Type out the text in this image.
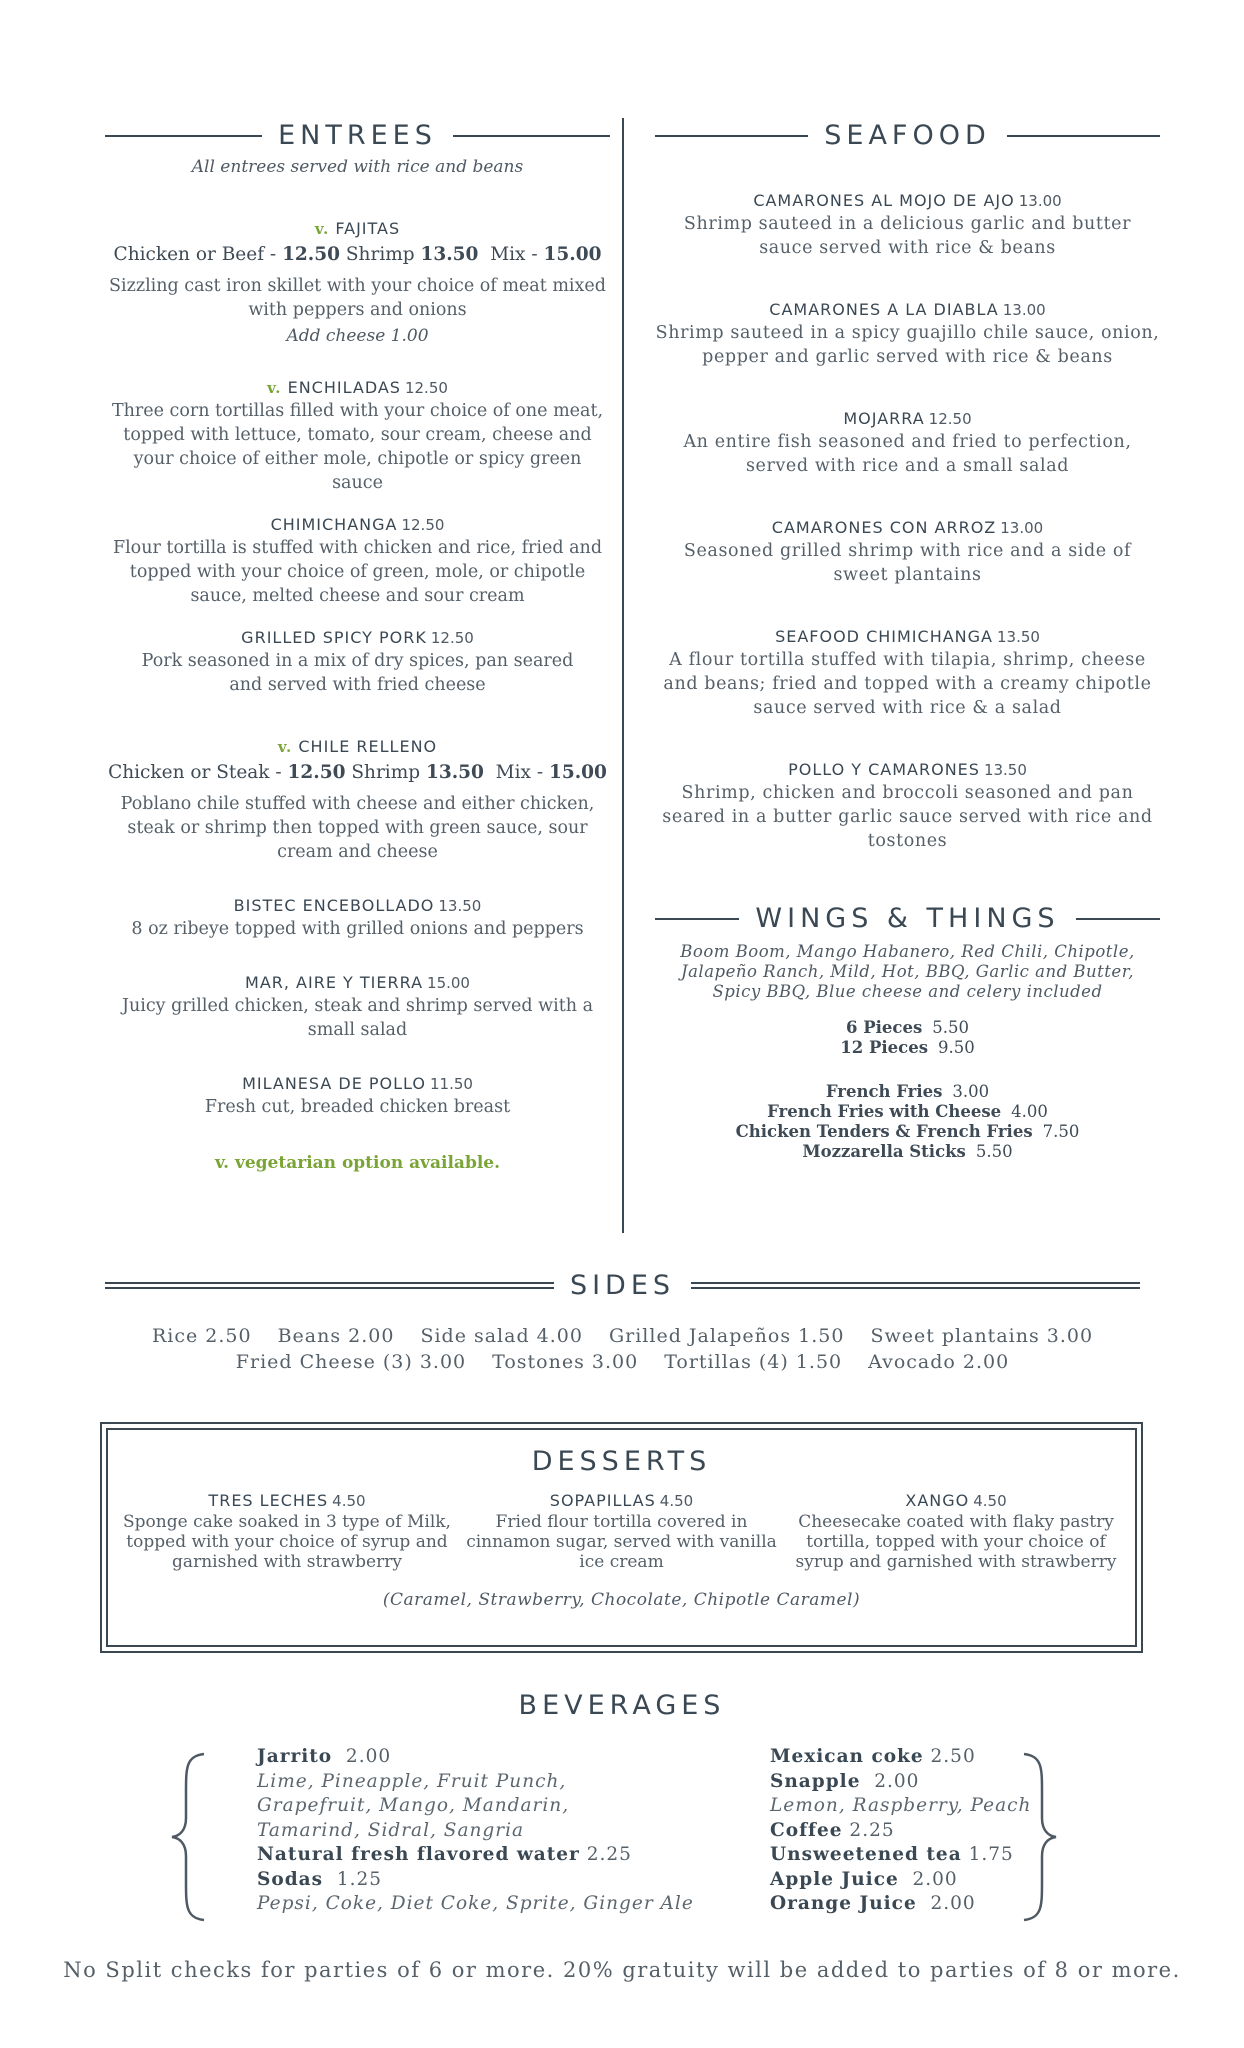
ENTREES
All entrees served with rice and beans
v. FAJITAS
Chicken or Beef - 12.50 Shrimp 13.50  Mix - 15.00
Sizzling cast iron skillet with your choice of meat mixed with peppers and onions
Add cheese 1.00
v. ENCHILADAS 12.50
Three corn tortillas filled with your choice of one meat, topped with lettuce, tomato, sour cream, cheese and your choice of either mole, chipotle or spicy green sauce
CHIMICHANGA 12.50
Flour tortilla is stuffed with chicken and rice, fried and topped with your choice of green, mole, or chipotle sauce, melted cheese and sour cream
GRILLED SPICY PORK 12.50
Pork seasoned in a mix of dry spices, pan seared and served with fried cheese
v. CHILE RELLENO
Chicken or Steak - 12.50 Shrimp 13.50  Mix - 15.00
Poblano chile stuffed with cheese and either chicken, steak or shrimp then topped with green sauce, sour cream and cheese
BISTEC ENCEBOLLADO 13.50
8 oz ribeye topped with grilled onions and peppers
MAR, AIRE Y TIERRA 15.00
Juicy grilled chicken, steak and shrimp served with a small salad
MILANESA DE POLLO 11.50
Fresh cut, breaded chicken breast
v. vegetarian option available.
SEAFOOD
CAMARONES AL MOJO DE AJO 13.00
Shrimp sauteed in a delicious garlic and butter sauce served with rice & beans
CAMARONES A LA DIABLA 13.00
Shrimp sauteed in a spicy guajillo chile sauce, onion, pepper and garlic served with rice & beans
MOJARRA 12.50
An entire fish seasoned and fried to perfection, served with rice and a small salad
CAMARONES CON ARROZ 13.00
Seasoned grilled shrimp with rice and a side of sweet plantains
SEAFOOD CHIMICHANGA 13.50
A flour tortilla stuffed with tilapia, shrimp, cheese and beans; fried and topped with a creamy chipotle sauce served with rice & a salad
POLLO Y CAMARONES 13.50
Shrimp, chicken and broccoli seasoned and pan seared in a butter garlic sauce served with rice and tostones
WINGS & THINGS
Boom Boom, Mango Habanero, Red Chili, Chipotle, Jalapeño Ranch, Mild, Hot, BBQ, Garlic and Butter, Spicy BBQ, Blue cheese and celery included
6 Pieces 5.50
12 Pieces 9.50
French Fries 3.00
French Fries with Cheese 4.00
Chicken Tenders & French Fries 7.50
Mozzarella Sticks 5.50
SIDES
Rice 2.50 Beans 2.00 Side salad 4.00 Grilled Jalapeños 1.50 Sweet plantains 3.00
Fried Cheese (3) 3.00 Tostones 3.00 Tortillas (4) 1.50 Avocado 2.00
DESSERTS
TRES LECHES 4.50
Sponge cake soaked in 3 type of Milk, topped with your choice of syrup and garnished with strawberry
SOPAPILLAS 4.50
Fried flour tortilla covered in cinnamon sugar, served with vanilla ice cream
XANGO 4.50
Cheesecake coated with flaky pastry tortilla, topped with your choice of syrup and garnished with strawberry
(Caramel, Strawberry, Chocolate, Chipotle Caramel)
BEVERAGES
Jarrito 2.00
Lime, Pineapple, Fruit Punch,
Grapefruit, Mango, Mandarin,
Tamarind, Sidral, Sangria
Natural fresh flavored water 2.25
Sodas 1.25
Pepsi, Coke, Diet Coke, Sprite, Ginger Ale
Mexican coke 2.50
Snapple 2.00
Lemon, Raspberry, Peach
Coffee 2.25
Unsweetened tea 1.75
Apple Juice 2.00
Orange Juice 2.00
No Split checks for parties of 6 or more. 20% gratuity will be added to parties of 8 or more.
